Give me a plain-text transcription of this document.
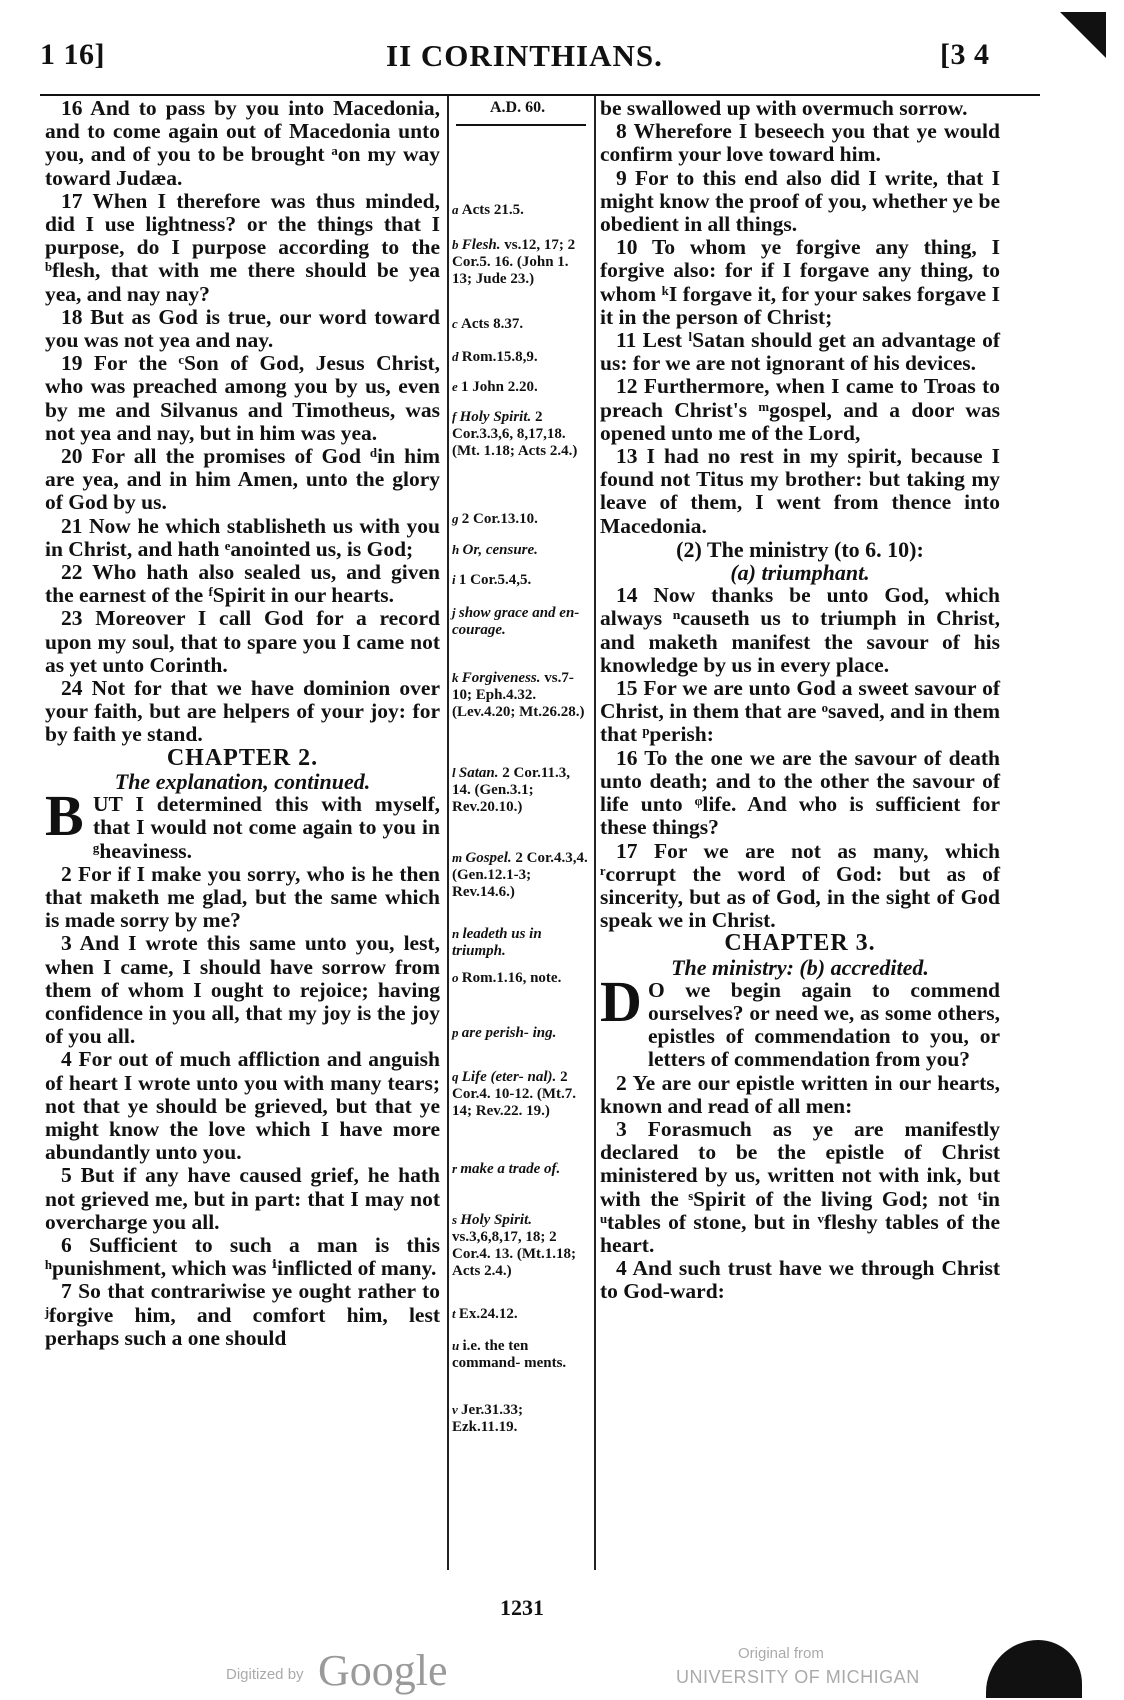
1 16]	II CORINTHIANS.	[3 4

16 And to pass by you into Macedonia, and to come again out of Macedonia unto you, and of you to be brought ᵃon my way toward Judæa.

17 When I therefore was thus minded, did I use lightness? or the things that I purpose, do I purpose according to the ᵇflesh, that with me there should be yea yea, and nay nay?

18 But as God is true, our word toward you was not yea and nay.

19 For the ᶜSon of God, Jesus Christ, who was preached among you by us, even by me and Silvanus and Timotheus, was not yea and nay, but in him was yea.

20 For all the promises of God ᵈin him are yea, and in him Amen, unto the glory of God by us.

21 Now he which stablisheth us with you in Christ, and hath ᵉanointed us, is God;

22 Who hath also sealed us, and given the earnest of the ᶠSpirit in our hearts.

23 Moreover I call God for a record upon my soul, that to spare you I came not as yet unto Corinth.

24 Not for that we have dominion over your faith, but are helpers of your joy: for by faith ye stand.

CHAPTER 2.

The explanation, continued.

B UT I determined this with myself, that I would not come again to you in ᵍheaviness.

2 For if I make you sorry, who is he then that maketh me glad, but the same which is made sorry by me?

3 And I wrote this same unto you, lest, when I came, I should have sorrow from them of whom I ought to rejoice; having confidence in you all, that my joy is the joy of you all.

4 For out of much affliction and anguish of heart I wrote unto you with many tears; not that ye should be grieved, but that ye might know the love which I have more abundantly unto you.

5 But if any have caused grief, he hath not grieved me, but in part: that I may not overcharge you all.

6 Sufficient to such a man is this ʰpunishment, which was ⁱinflicted of many.

7 So that contrariwise ye ought rather to ʲforgive him, and comfort him, lest perhaps such a one should

A.D. 60.
a Acts 21.5.
b Flesh. vs.12, 17; 2 Cor.5. 16. (John 1. 13; Jude 23.)
c Acts 8.37.
d Rom.15.8,9.
e 1 John 2.20.
f Holy Spirit. 2 Cor.3.3,6, 8,17,18. (Mt. 1.18; Acts 2.4.)
g 2 Cor.13.10.
h Or, censure.
i 1 Cor.5.4,5.
j show grace and en- courage.
k Forgiveness. vs.7-10; Eph.4.32. (Lev.4.20; Mt.26.28.)
l Satan. 2 Cor.11.3, 14. (Gen.3.1; Rev.20.10.)
m Gospel. 2 Cor.4.3,4. (Gen.12.1-3; Rev.14.6.)
n leadeth us in triumph.
o Rom.1.16, note.
p are perish- ing.
q Life (eter- nal). 2 Cor.4. 10-12. (Mt.7. 14; Rev.22. 19.)
r make a trade of.
s Holy Spirit. vs.3,6,8,17, 18; 2 Cor.4. 13. (Mt.1.18; Acts 2.4.)
t Ex.24.12.
u i.e. the ten command- ments.
v Jer.31.33; Ezk.11.19.

be swallowed up with overmuch sorrow.

8 Wherefore I beseech you that ye would confirm your love toward him.

9 For to this end also did I write, that I might know the proof of you, whether ye be obedient in all things.

10 To whom ye forgive any thing, I forgive also: for if I forgave any thing, to whom ᵏI forgave it, for your sakes forgave I it in the person of Christ;

11 Lest ˡSatan should get an advantage of us: for we are not ignorant of his devices.

12 Furthermore, when I came to Troas to preach Christ's ᵐgospel, and a door was opened unto me of the Lord,

13 I had no rest in my spirit, because I found not Titus my brother: but taking my leave of them, I went from thence into Macedonia.

(2) The ministry (to 6. 10):
(a) triumphant.

14 Now thanks be unto God, which always ⁿcauseth us to triumph in Christ, and maketh manifest the savour of his knowledge by us in every place.

15 For we are unto God a sweet savour of Christ, in them that are ᵒsaved, and in them that ᵖperish:

16 To the one we are the savour of death unto death; and to the other the savour of life unto ᵠlife. And who is sufficient for these things?

17 For we are not as many, which ʳcorrupt the word of God: but as of sincerity, but as of God, in the sight of God speak we in Christ.

CHAPTER 3.

The ministry: (b) accredited.

D O we begin again to commend ourselves? or need we, as some others, epistles of commendation to you, or letters of commendation from you?

2 Ye are our epistle written in our hearts, known and read of all men:

3 Forasmuch as ye are manifestly declared to be the epistle of Christ ministered by us, written not with ink, but with the ˢSpirit of the living God; not ᵗin ᵘtables of stone, but in ᵛfleshy tables of the heart.

4 And such trust have we through Christ to God-ward:

1231
Digitized by Google	Original from
UNIVERSITY OF MICHIGAN
